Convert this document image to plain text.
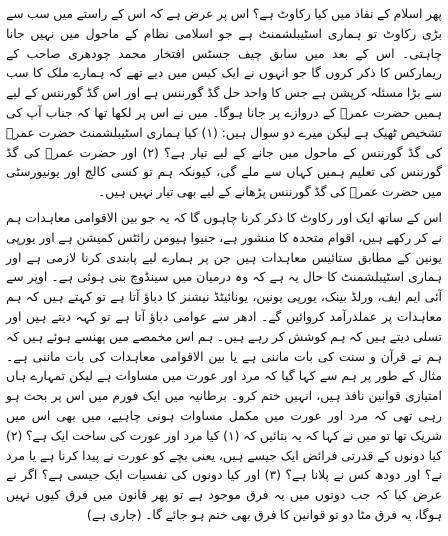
پھر اسلام کے نفاذ میں کیا رکاوٹ ہے؟ اس پر عرض ہے کہ اس کے راستے میں سب سے بڑی رکاوٹ تو ہماری اسٹیبلشمنٹ ہے جو اسلامی نظام کے ماحول میں نہیں جانا چاہتی۔ اس کے بعد میں سابق چیف جسٹس افتخار محمد چودھری صاحب کے ریمارکس کا ذکر کروں گا جو انہوں نے ایک کیس میں دیے تھے کہ ہمارے ملک کا سب سے بڑا مسئلہ کرپشن ہے جس کا واحد حل گڈ گورننس ہے اور اس گڈ گورننس کے لیے ہمیں حضرت عمرؓ کے دروازے پر جانا ہوگا۔ میں نے اس پر لکھا تھا کہ جناب آپ کی تشخیص ٹھیک ہے لیکن میرے دو سوال ہیں: (۱) کیا ہماری اسٹیبلشمنٹ حضرت عمرؓ کی گڈ گورننس کے ماحول میں جانے کے لیے تیار ہے؟ (۲) اور حضرت عمرؓ کی گڈ گورننس کی تعلیم ہمیں کہاں سے ملے گی، کیونکہ ہم تو کسی کالج اور یونیورسٹی میں حضرت عمرؓ کی گڈ گورننس پڑھانے کے لیے بھی تیار نہیں ہیں۔

اس کے ساتھ ایک اور رکاوٹ کا ذکر کرنا چاہوں گا کہ یہ جو بین الاقوامی معاہدات ہم نے کر رکھے ہیں، اقوام متحدہ کا منشور ہے، جنیوا ہیومن رائٹس کمیشن ہے اور یورپی یونین کے مطابق ستائیس معاہدات ہیں جن پر ہمارے لیے پابندی کرنا لازمی ہے اور ہماری اسٹیبلشمنٹ کا حال یہ ہے کہ وہ درمیان میں سینڈوچ بنی ہوئی ہے۔ اوپر سے آئی ایم ایف، ورلڈ بینک، یورپی یونین، یونائیٹڈ نیشنز کا دباؤ آتا ہے تو کہتے ہیں کہ ہم معاہدات پر عملدرآمد کروائیں گے۔ ادھر سے عوامی دباؤ آتا ہے تو کہہ دیتے ہیں اور تسلی دیتے ہیں کہ ہم کوشش کر رہے ہیں۔ ہم اس مخمصے میں پھنسے ہوئے ہیں کہ ہم نے قرآن و سنت کی بات ماننی ہے یا بین الاقوامی معاہدات کی بات ماننی ہے۔ مثال کے طور پر ہم سے کہا گیا کہ مرد اور عورت میں مساوات ہے لیکن تمہارے ہاں امتیازی قوانین نافذ ہیں، انہیں ختم کرو۔ برطانیہ میں ایک فورم میں اس پر بحث ہو رہی تھی کہ مرد اور عورت میں مکمل مساوات ہونی چاہیے، میں بھی اس میں شریک تھا تو میں نے کہا کہ یہ بتائیں کہ (۱) کیا مرد اور عورت کی ساخت ایک ہے؟ (۲) کیا دونوں کے قدرتی فرائض ایک جیسے ہیں، یعنی بچے کو عورت نے پیدا کرنا ہے یا مرد نے؟ اور دودھ کس نے پلانا ہے؟ (۳) اور کیا دونوں کی نفسیات ایک جیسی ہے؟ اگر نے عرض کیا کہ جب دونوں میں یہ فرق موجود ہے تو پھر قانون میں فرق کیوں نہیں ہوگا، یہ فرق مٹا دو تو قوانین کا فرق بھی ختم ہو جائے گا۔ (جاری ہے)
